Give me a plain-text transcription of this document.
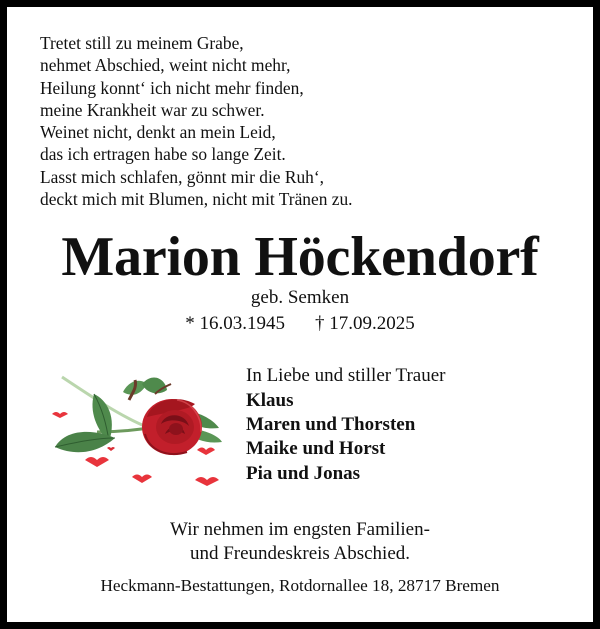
Tretet still zu meinem Grabe,
nehmet Abschied, weint nicht mehr,
Heilung konnt‘ ich nicht mehr finden,
meine Krankheit war zu schwer.
Weinet nicht, denkt an mein Leid,
das ich ertragen habe so lange Zeit.
Lasst mich schlafen, gönnt mir die Ruh‘,
deckt mich mit Blumen, nicht mit Tränen zu.
Marion Höckendorf
geb. Semken
* 16.03.1945 † 17.09.2025
In Liebe und stiller Trauer
Klaus
Maren und Thorsten
Maike und Horst
Pia und Jonas
Wir nehmen im engsten Familien-
und Freundeskreis Abschied.
Heckmann-Bestattungen, Rotdornallee 18, 28717 Bremen
